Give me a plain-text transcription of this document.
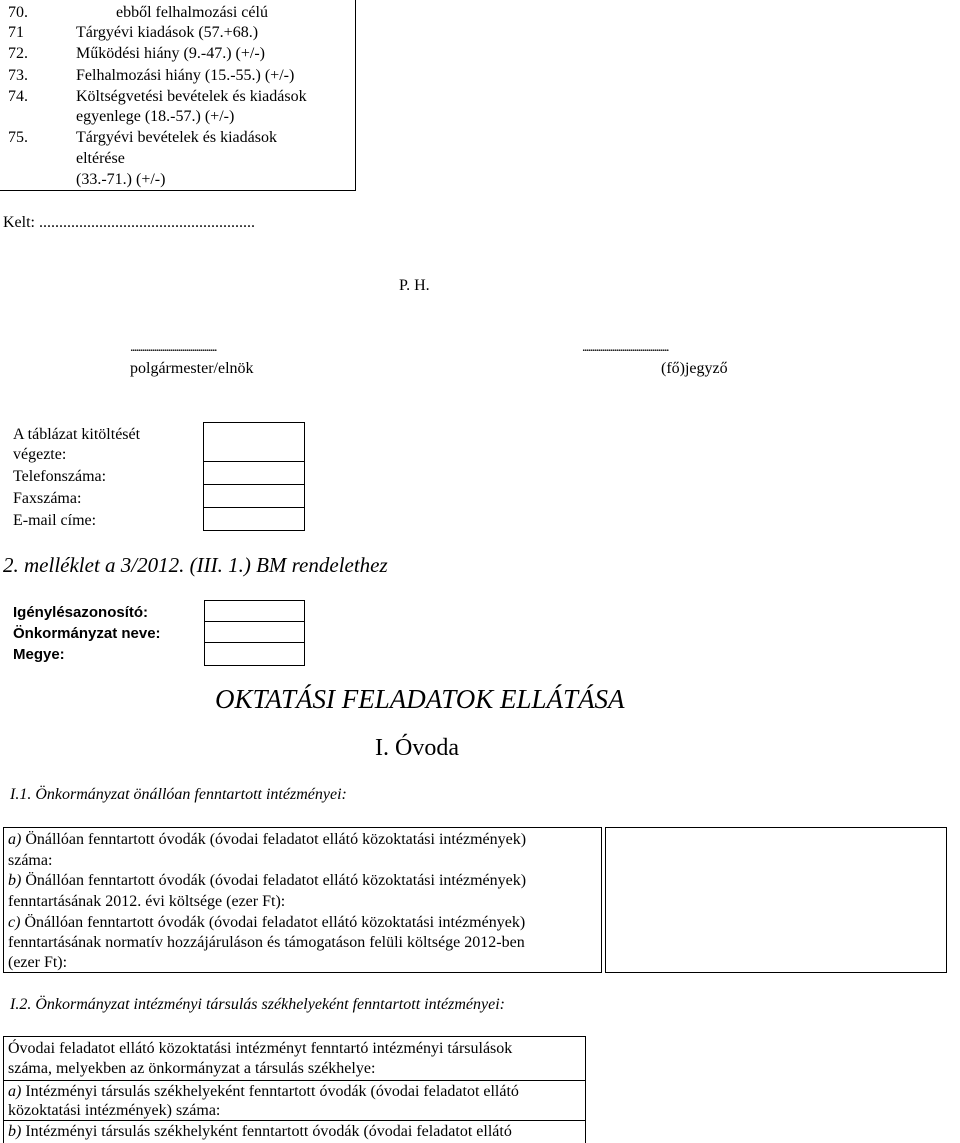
70.	ebből felhalmozási célú
71	Tárgyévi kiadások (57.+68.)
72.	Működési hiány (9.-47.) (+/-)
73.	Felhalmozási hiány (15.-55.) (+/-)
74.	Költségvetési bevételek és kiadások
egyenlege (18.-57.) (+/-)
75.	Tárgyévi bevételek és kiadások
eltérése
(33.-71.) (+/-)
Kelt: ......................................................
P. H.
...........................................
polgármester/elnök
...........................................
(fő)jegyző
A táblázat kitöltését
végezte:
Telefonszáma:
Faxszáma:
E-mail címe:
2. melléklet a 3/2012. (III. 1.) BM rendelethez
Igénylésazonosító:
Önkormányzat neve:
Megye:
OKTATÁSI FELADATOK ELLÁTÁSA
I. Óvoda
I.1. Önkormányzat önállóan fenntartott intézményei:
a) Önállóan fenntartott óvodák (óvodai feladatot ellátó közoktatási intézmények)
száma:
b) Önállóan fenntartott óvodák (óvodai feladatot ellátó közoktatási intézmények)
fenntartásának 2012. évi költsége (ezer Ft):
c) Önállóan fenntartott óvodák (óvodai feladatot ellátó közoktatási intézmények)
fenntartásának normatív hozzájáruláson és támogatáson felüli költsége 2012-ben
(ezer Ft):
I.2. Önkormányzat intézményi társulás székhelyeként fenntartott intézményei:
Óvodai feladatot ellátó közoktatási intézményt fenntartó intézményi társulások
száma, melyekben az önkormányzat a társulás székhelye:
a) Intézményi társulás székhelyeként fenntartott óvodák (óvodai feladatot ellátó
közoktatási intézmények) száma:
b) Intézményi társulás székhelyként fenntartott óvodák (óvodai feladatot ellátó
